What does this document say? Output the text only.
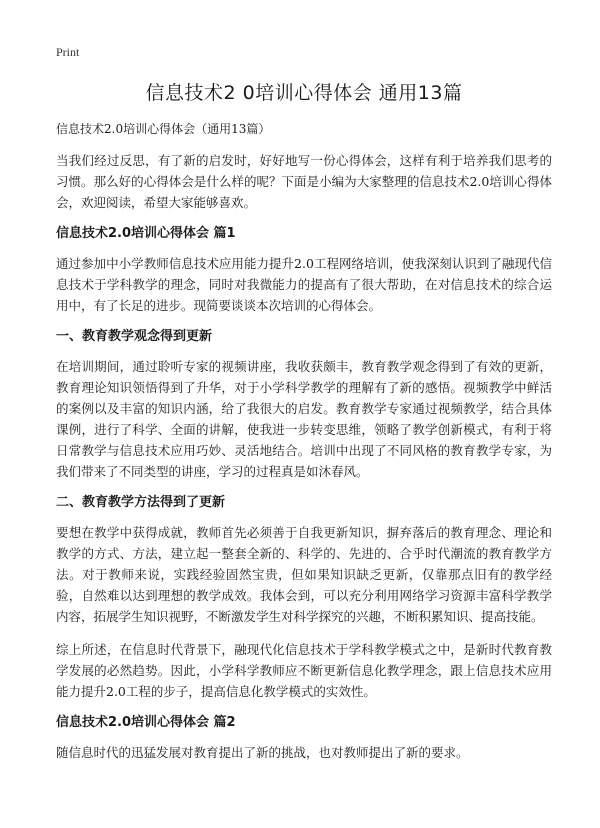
Print
信息技术2 0培训心得体会 通用13篇
信息技术2.0培训心得体会（通用13篇）

当我们经过反思，有了新的启发时，好好地写一份心得体会，这样有利于培养我们思考的习惯。那么好的心得体会是什么样的呢？下面是小编为大家整理的信息技术2.0培训心得体会，欢迎阅读，希望大家能够喜欢。

信息技术2.0培训心得体会 篇1

通过参加中小学教师信息技术应用能力提升2.0工程网络培训，使我深刻认识到了融现代信息技术于学科教学的理念，同时对我微能力的提高有了很大帮助，在对信息技术的综合运用中，有了长足的进步。现简要谈谈本次培训的心得体会。

一、教育教学观念得到更新

在培训期间，通过聆听专家的视频讲座，我收获颇丰，教育教学观念得到了有效的更新，教育理论知识领悟得到了升华，对于小学科学教学的理解有了新的感悟。视频教学中鲜活的案例以及丰富的知识内涵，给了我很大的启发。教育教学专家通过视频教学，结合具体课例，进行了科学、全面的讲解，使我进一步转变思维，领略了教学创新模式，有利于将日常教学与信息技术应用巧妙、灵活地结合。培训中出现了不同风格的教育教学专家，为我们带来了不同类型的讲座，学习的过程真是如沐春风。

二、教育教学方法得到了更新

要想在教学中获得成就，教师首先必须善于自我更新知识，摒弃落后的教育理念、理论和教学的方式、方法，建立起一整套全新的、科学的、先进的、合乎时代潮流的教育教学方法。对于教师来说，实践经验固然宝贵，但如果知识缺乏更新，仅靠那点旧有的教学经验，自然难以达到理想的教学成效。我体会到，可以充分利用网络学习资源丰富科学教学内容，拓展学生知识视野，不断激发学生对科学探究的兴趣，不断积累知识、提高技能。

综上所述，在信息时代背景下，融现代化信息技术于学科教学模式之中，是新时代教育教学发展的必然趋势。因此，小学科学教师应不断更新信息化教学理念，跟上信息技术应用能力提升2.0工程的步子，提高信息化教学模式的实效性。

信息技术2.0培训心得体会 篇2

随信息时代的迅猛发展对教育提出了新的挑战，也对教师提出了新的要求。
